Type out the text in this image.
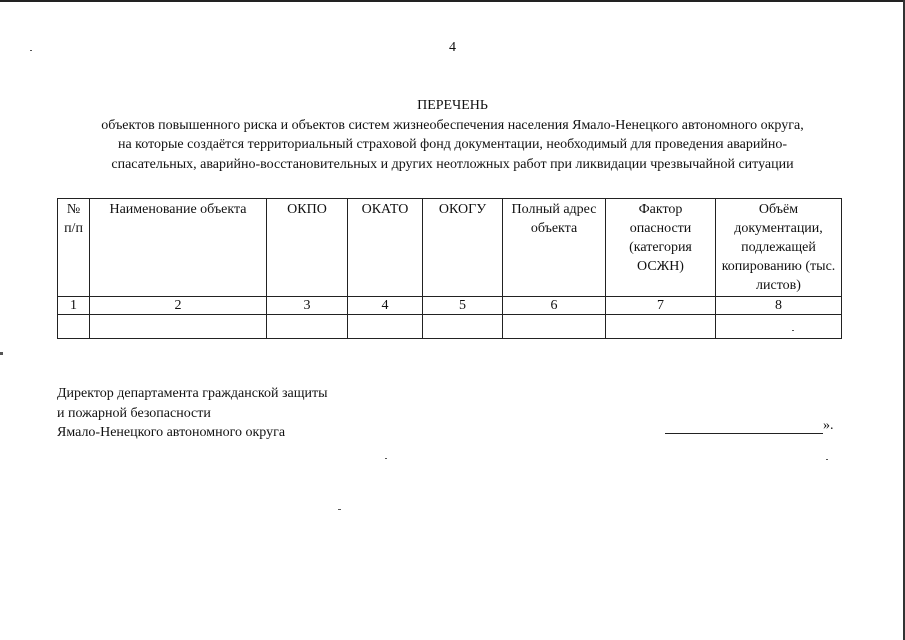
4
ПЕРЕЧЕНЬ
объектов повышенного риска и объектов систем жизнеобеспечения населения Ямало-Ненецкого автономного округа,
на которые создаётся территориальный страховой фонд документации, необходимый для проведения аварийно-
спасательных, аварийно-восстановительных и других неотложных работ при ликвидации чрезвычайной ситуации
№ п/п	Наименование объекта	ОКПО	ОКАТО	ОКОГУ	Полный адрес объекта	Фактор опасности (категория ОСЖН)	Объём документации, подлежащей копированию (тыс. листов)
1	2	3	4	5	6	7	8

Директор департамента гражданской защиты
и пожарной безопасности
Ямало-Ненецкого автономного округа	».
